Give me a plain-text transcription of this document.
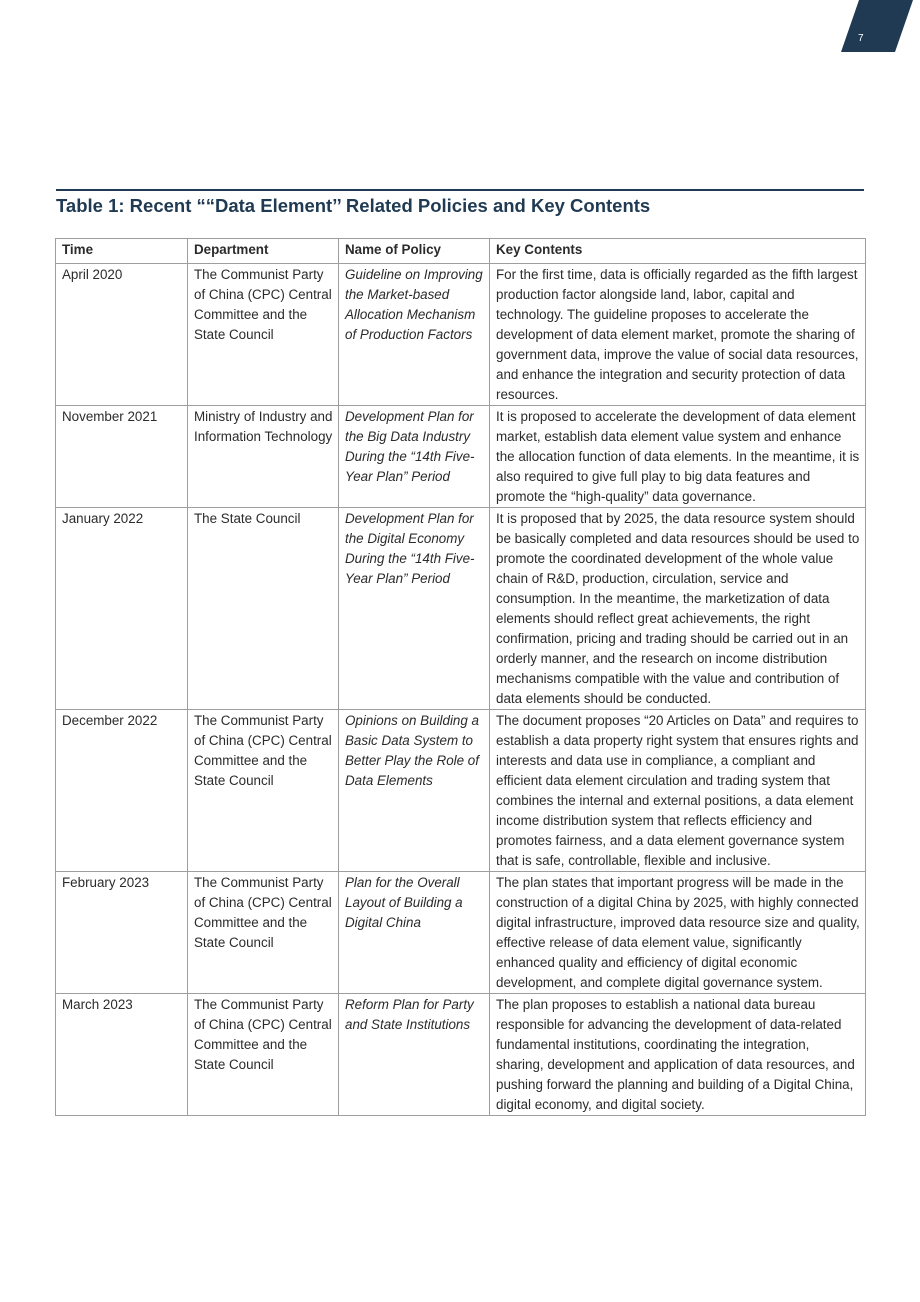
7
Table 1: Recent ““Data Element’’ Related Policies and Key Contents
Time	Department	Name of Policy	Key Contents
April 2020	The Communist Party of China (CPC) Central Committee and the State Council	Guideline on Improving the Market-based Allocation Mechanism of Production Factors	For the first time, data is officially regarded as the fifth largest production factor alongside land, labor, capital and technology. The guideline proposes to accelerate the development of data element market, promote the sharing of government data, improve the value of social data resources, and enhance the integration and security protection of data resources.
November 2021	Ministry of Industry and Information Technology	Development Plan for the Big Data Industry During the “14th Five-Year Plan” Period	It is proposed to accelerate the development of data element market, establish data element value system and enhance the allocation function of data elements. In the meantime, it is also required to give full play to big data features and promote the “high-quality” data governance.
January 2022	The State Council	Development Plan for the Digital Economy During the “14th Five-Year Plan” Period	It is proposed that by 2025, the data resource system should be basically completed and data resources should be used to promote the coordinated development of the whole value chain of R&D, production, circulation, service and consumption. In the meantime, the marketization of data elements should reflect great achievements, the right confirmation, pricing and trading should be carried out in an orderly manner, and the research on income distribution mechanisms compatible with the value and contribution of data elements should be conducted.
December 2022	The Communist Party of China (CPC) Central Committee and the State Council	Opinions on Building a Basic Data System to Better Play the Role of Data Elements	The document proposes “20 Articles on Data” and requires to establish a data property right system that ensures rights and interests and data use in compliance, a compliant and efficient data element circulation and trading system that combines the internal and external positions, a data element income distribution system that reflects efficiency and promotes fairness, and a data element governance system that is safe, controllable, flexible and inclusive.
February 2023	The Communist Party of China (CPC) Central Committee and the State Council	Plan for the Overall Layout of Building a Digital China	The plan states that important progress will be made in the construction of a digital China by 2025, with highly connected digital infrastructure, improved data resource size and quality, effective release of data element value, significantly enhanced quality and efficiency of digital economic development, and complete digital governance system.
March 2023	The Communist Party of China (CPC) Central Committee and the State Council	Reform Plan for Party and State Institutions	The plan proposes to establish a national data bureau responsible for advancing the development of data-related fundamental institutions, coordinating the integration, sharing, development and application of data resources, and pushing forward the planning and building of a Digital China, digital economy, and digital society.
